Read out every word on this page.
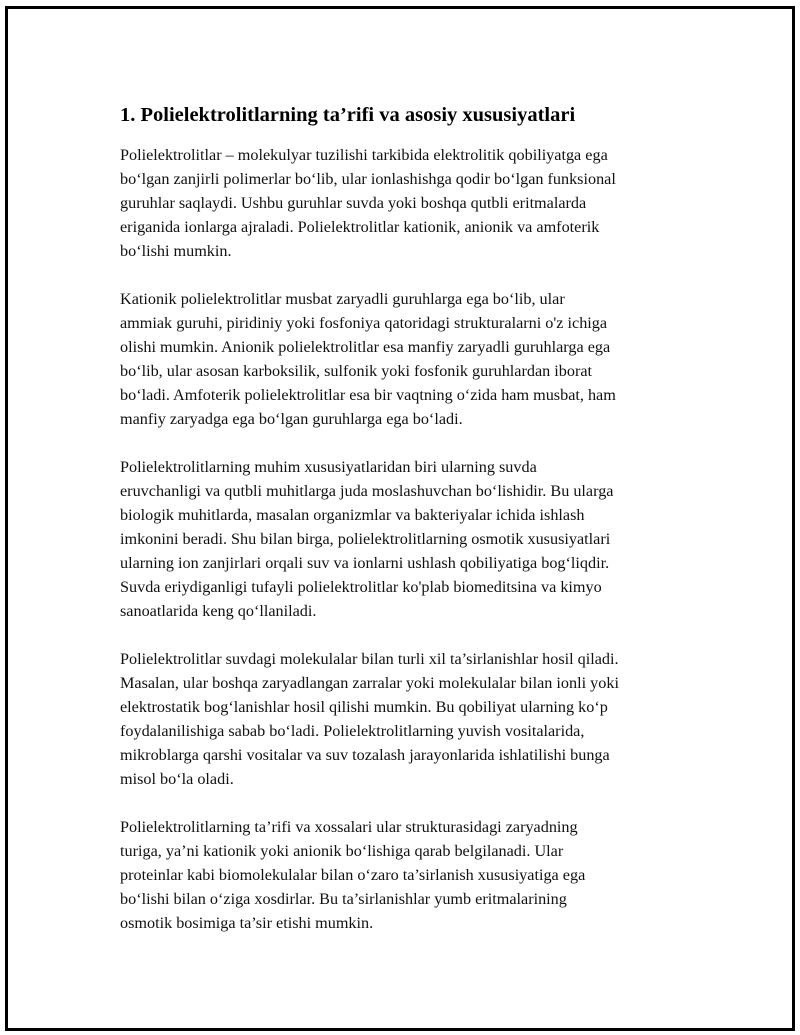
1. Polielektrolitlarning ta’rifi va asosiy xususiyatlari

Polielektrolitlar – molekulyar tuzilishi tarkibida elektrolitik qobiliyatga ega
bo‘lgan zanjirli polimerlar bo‘lib, ular ionlashishga qodir bo‘lgan funksional
guruhlar saqlaydi. Ushbu guruhlar suvda yoki boshqa qutbli eritmalarda
eriganida ionlarga ajraladi. Polielektrolitlar kationik, anionik va amfoterik
bo‘lishi mumkin.

Kationik polielektrolitlar musbat zaryadli guruhlarga ega bo‘lib, ular
ammiak guruhi, piridiniy yoki fosfoniya qatoridagi strukturalarni o'z ichiga
olishi mumkin. Anionik polielektrolitlar esa manfiy zaryadli guruhlarga ega
bo‘lib, ular asosan karboksilik, sulfonik yoki fosfonik guruhlardan iborat
bo‘ladi. Amfoterik polielektrolitlar esa bir vaqtning o‘zida ham musbat, ham
manfiy zaryadga ega bo‘lgan guruhlarga ega bo‘ladi.

Polielektrolitlarning muhim xususiyatlaridan biri ularning suvda
eruvchanligi va qutbli muhitlarga juda moslashuvchan bo‘lishidir. Bu ularga
biologik muhitlarda, masalan organizmlar va bakteriyalar ichida ishlash
imkonini beradi. Shu bilan birga, polielektrolitlarning osmotik xususiyatlari
ularning ion zanjirlari orqali suv va ionlarni ushlash qobiliyatiga bog‘liqdir.
Suvda eriydiganligi tufayli polielektrolitlar ko'plab biomeditsina va kimyo
sanoatlarida keng qo‘llaniladi.

Polielektrolitlar suvdagi molekulalar bilan turli xil ta’sirlanishlar hosil qiladi.
Masalan, ular boshqa zaryadlangan zarralar yoki molekulalar bilan ionli yoki
elektrostatik bog‘lanishlar hosil qilishi mumkin. Bu qobiliyat ularning ko‘p
foydalanilishiga sabab bo‘ladi. Polielektrolitlarning yuvish vositalarida,
mikroblarga qarshi vositalar va suv tozalash jarayonlarida ishlatilishi bunga
misol bo‘la oladi.

Polielektrolitlarning ta’rifi va xossalari ular strukturasidagi zaryadning
turiga, ya’ni kationik yoki anionik bo‘lishiga qarab belgilanadi. Ular
proteinlar kabi biomolekulalar bilan o‘zaro ta’sirlanish xususiyatiga ega
bo‘lishi bilan o‘ziga xosdirlar. Bu ta’sirlanishlar yumb eritmalarining
osmotik bosimiga ta’sir etishi mumkin.
